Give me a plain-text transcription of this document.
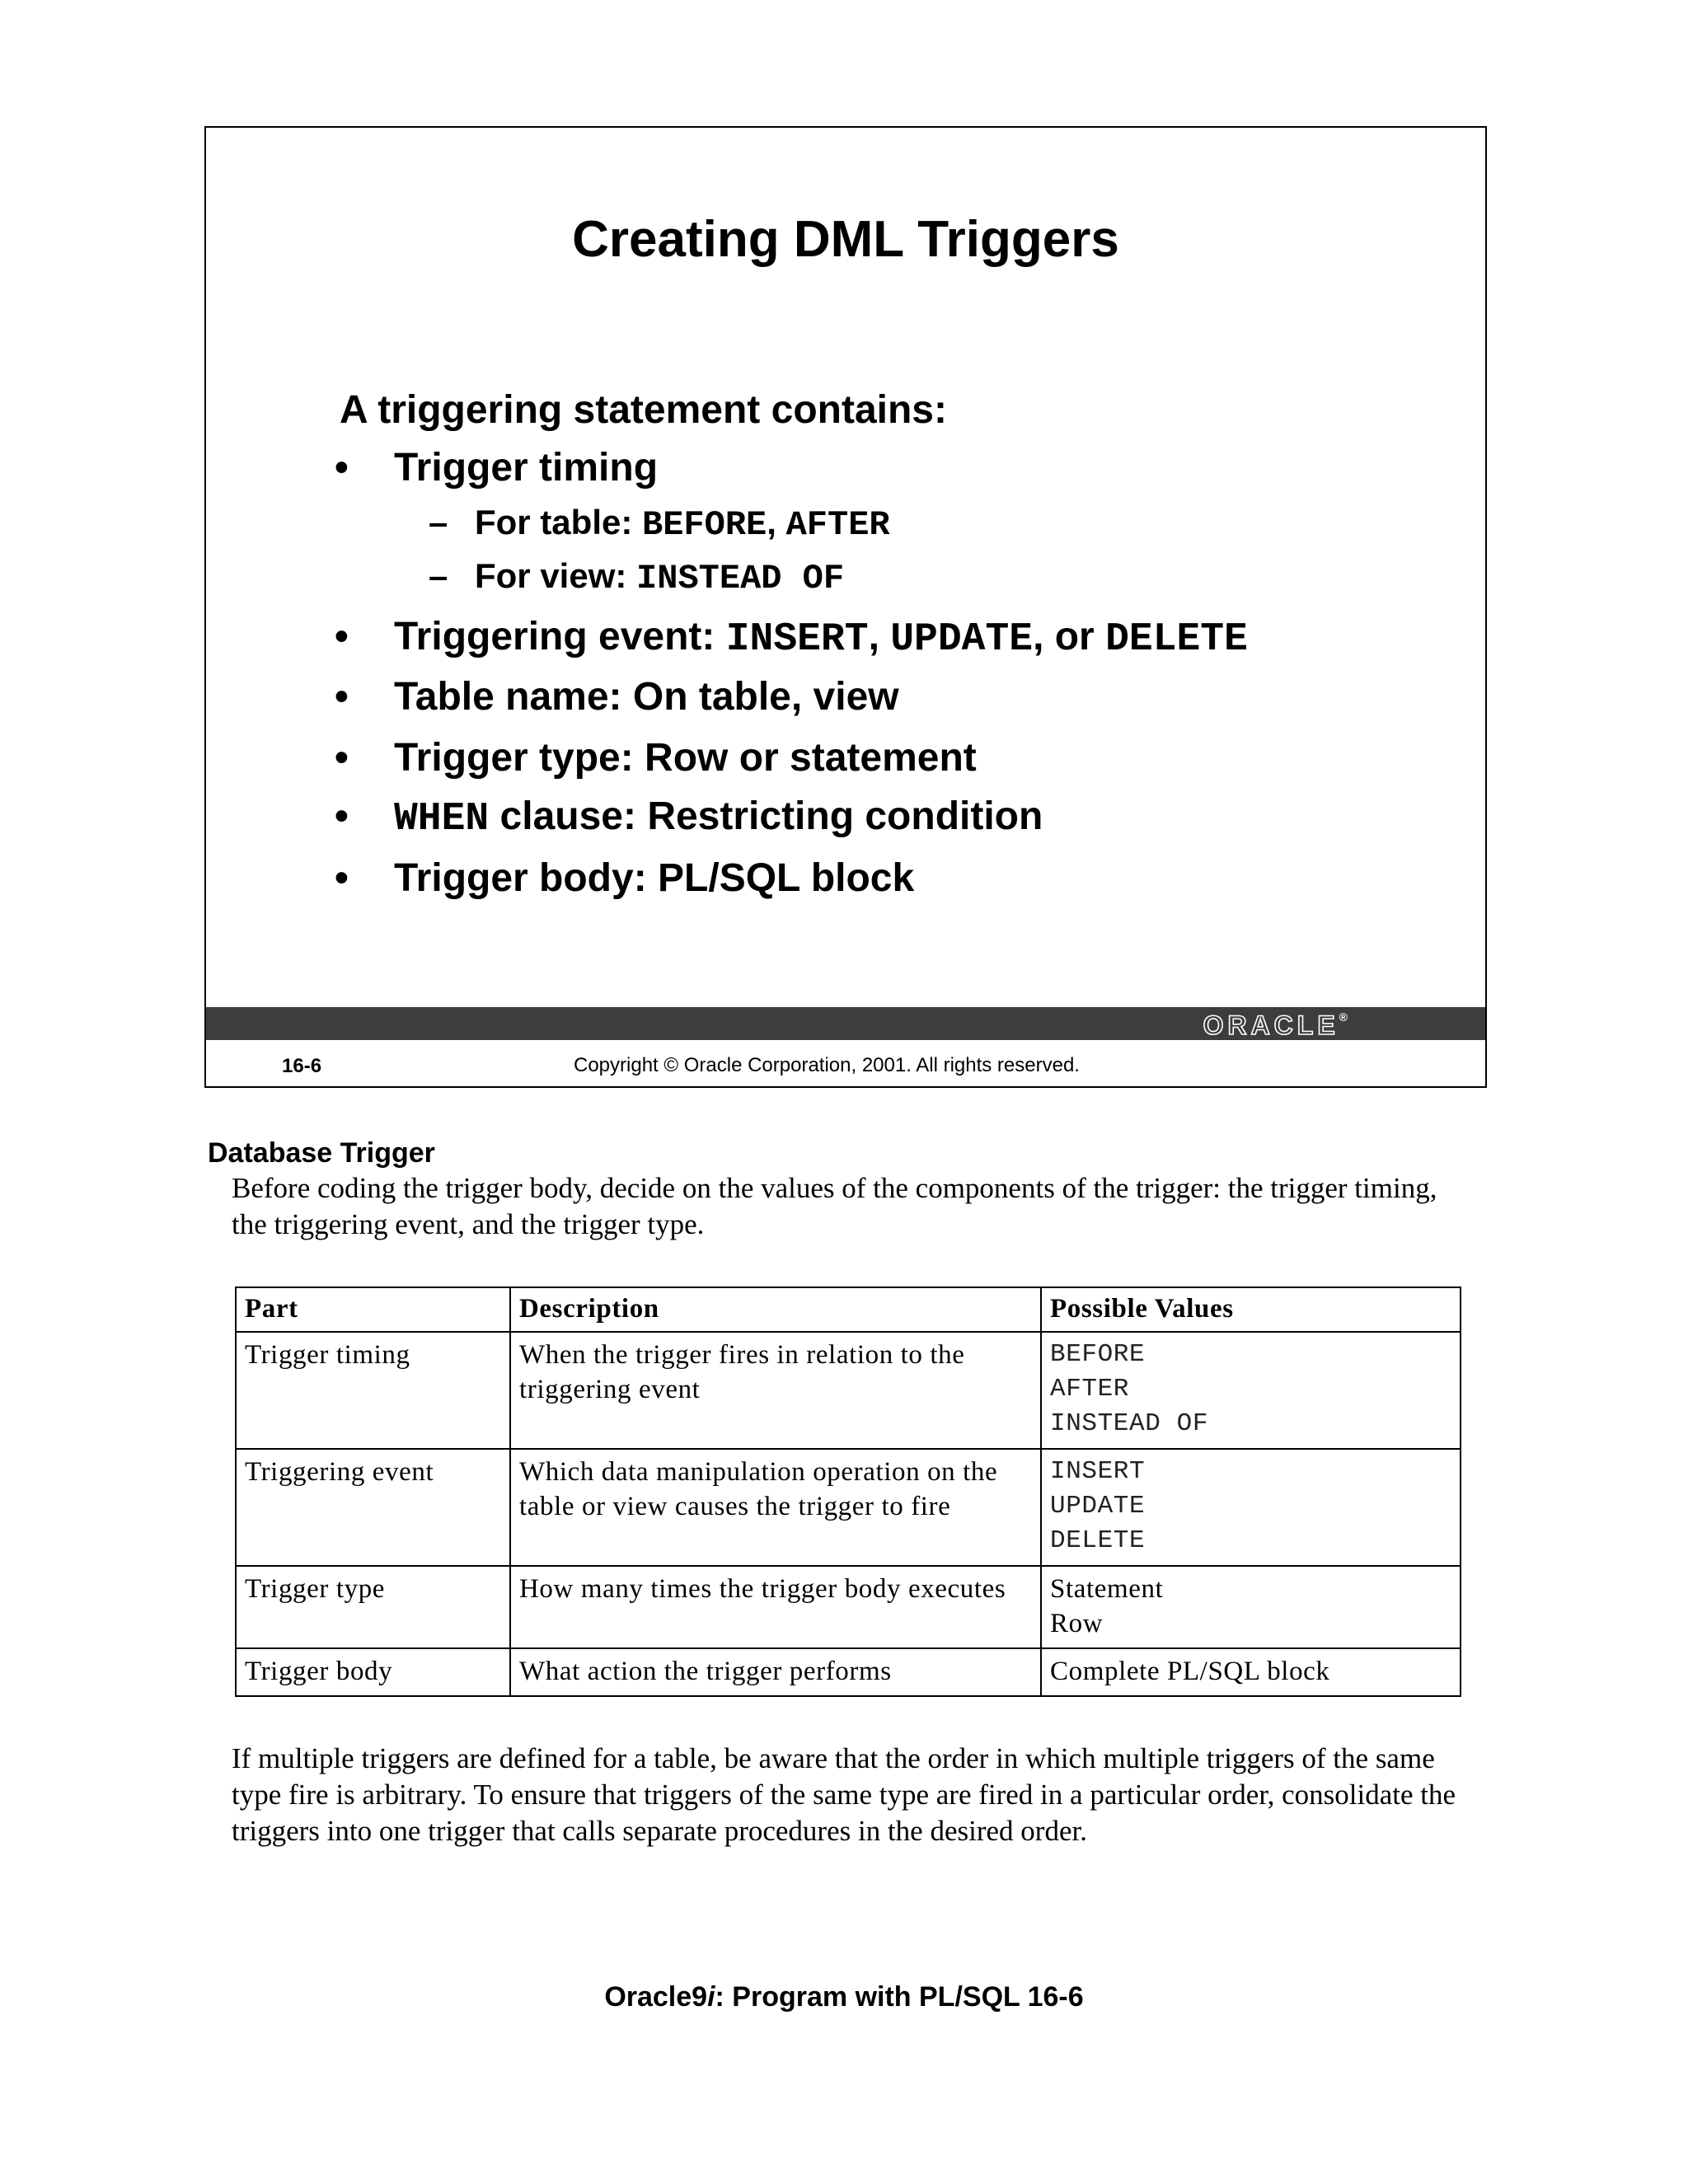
Creating DML Triggers
A triggering statement contains:
• Trigger timing
– For table: BEFORE, AFTER
– For view: INSTEAD OF
• Triggering event: INSERT, UPDATE, or DELETE
• Table name: On table, view
• Trigger type: Row or statement
• WHEN clause: Restricting condition
• Trigger body: PL/SQL block
ORACLE®
16-6	Copyright © Oracle Corporation, 2001. All rights reserved.
Database Trigger
Before coding the trigger body, decide on the values of the components of the trigger: the trigger timing, the triggering event, and the trigger type.
Part	Description	Possible Values
Trigger timing	When the trigger fires in relation to the triggering event	BEFORE
AFTER
INSTEAD OF

Triggering event	Which data manipulation operation on the table or view causes the trigger to fire	INSERT
UPDATE
DELETE

Trigger type	How many times the trigger body executes	Statement
Row

Trigger body	What action the trigger performs	Complete PL/SQL block
If multiple triggers are defined for a table, be aware that the order in which multiple triggers of the same type fire is arbitrary. To ensure that triggers of the same type are fired in a particular order, consolidate the triggers into one trigger that calls separate procedures in the desired order.
Oracle9i: Program with PL/SQL 16-6
